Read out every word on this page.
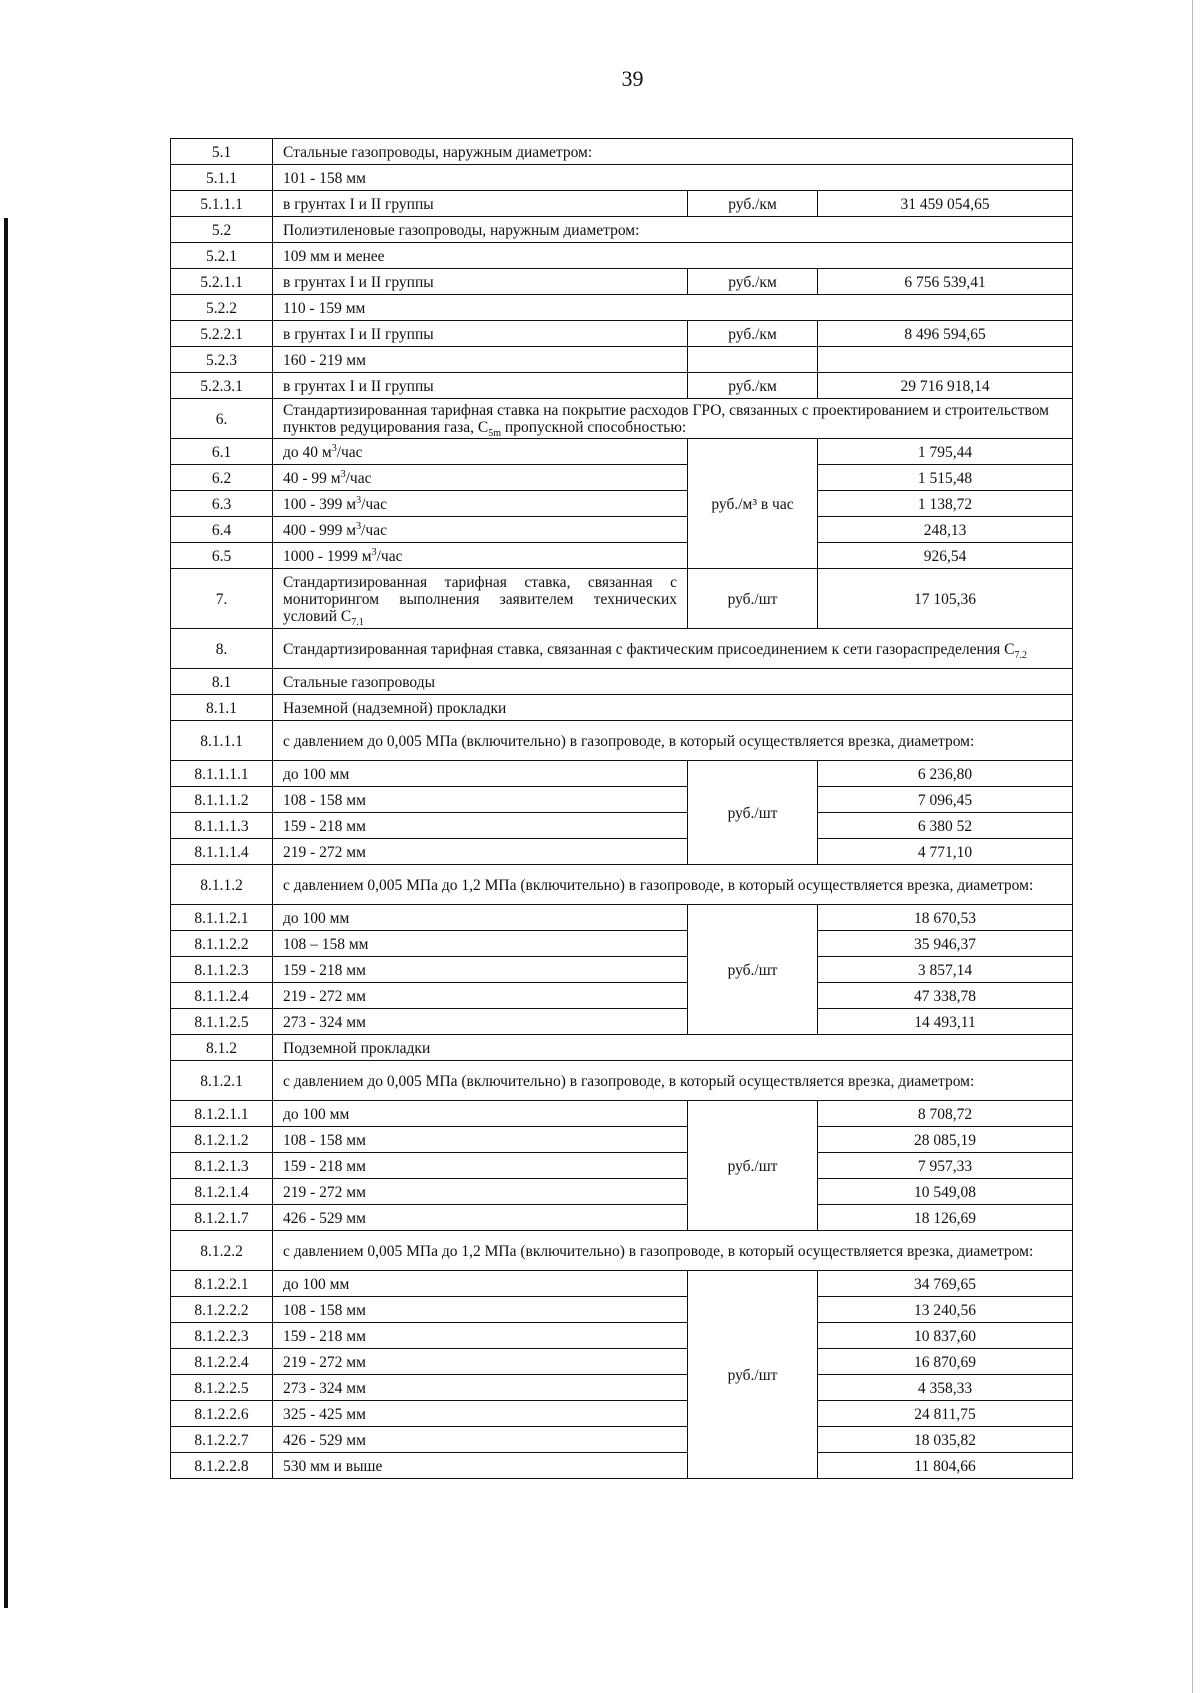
39
5.1	Стальные газопроводы, наружным диаметром:		
5.1.1	101 - 158 мм		
5.1.1.1	в грунтах I и II группы	руб./км	31 459 054,65
5.2	Полиэтиленовые газопроводы, наружным диаметром:		
5.2.1	109 мм и менее		
5.2.1.1	в грунтах I и II группы	руб./км	6 756 539,41
5.2.2	110 - 159 мм		
5.2.2.1	в грунтах I и II группы	руб./км	8 496 594,65
5.2.3	160 - 219 мм		
5.2.3.1	в грунтах I и II группы	руб./км	29 716 918,14
6.	Стандартизированная тарифная ставка на покрытие расходов ГРО, связанных с проектированием и строительством пунктов редуцирования газа, $С_{5m}$ пропускной способностью:		
6.1	до 40 $м^3$/час	руб./м³ в час	1 795,44
6.2	40 - 99 $м^3$/час		1 515,48
6.3	100 - 399 $м^3$/час		1 138,72
6.4	400 - 999 $м^3$/час		248,13
6.5	1000 - 1999 $м^3$/час		926,54
7.	Стандартизированная тарифная ставка, связанная с мониторингом выполнения заявителем технических условий $С_{7.1}$	руб./шт	17 105,36
8.	Стандартизированная тарифная ставка, связанная с фактическим присоединением к сети газораспределения $С_{7.2}$
8.1	Стальные газопроводы		
8.1.1	Наземной (надземной) прокладки		
8.1.1.1	с давлением до 0,005 МПа (включительно) в газопроводе, в который осуществляется врезка, диаметром:		
8.1.1.1.1	до 100 мм	руб./шт	6 236,80
8.1.1.1.2	108 - 158 мм		7 096,45
8.1.1.1.3	159 - 218 мм		6 380 52
8.1.1.1.4	219 - 272 мм		4 771,10
8.1.1.2	с давлением 0,005 МПа до 1,2 МПа (включительно) в газопроводе, в который осуществляется врезка, диаметром:		
8.1.1.2.1	до 100 мм	руб./шт	18 670,53
8.1.1.2.2	108 – 158 мм		35 946,37
8.1.1.2.3	159 - 218 мм		3 857,14
8.1.1.2.4	219 - 272 мм		47 338,78
8.1.1.2.5	273 - 324 мм		14 493,11
8.1.2	Подземной прокладки		
8.1.2.1	с давлением до 0,005 МПа (включительно) в газопроводе, в который осуществляется врезка, диаметром:		
8.1.2.1.1	до 100 мм	руб./шт	8 708,72
8.1.2.1.2	108 - 158 мм		28 085,19
8.1.2.1.3	159 - 218 мм		7 957,33
8.1.2.1.4	219 - 272 мм		10 549,08
8.1.2.1.7	426 - 529 мм		18 126,69
8.1.2.2	с давлением 0,005 МПа до 1,2 МПа (включительно) в газопроводе, в который осуществляется врезка, диаметром:		
8.1.2.2.1	до 100 мм	руб./шт	34 769,65
8.1.2.2.2	108 - 158 мм		13 240,56
8.1.2.2.3	159 - 218 мм		10 837,60
8.1.2.2.4	219 - 272 мм		16 870,69
8.1.2.2.5	273 - 324 мм		4 358,33
8.1.2.2.6	325 - 425 мм		24 811,75
8.1.2.2.7	426 - 529 мм		18 035,82
8.1.2.2.8	530 мм и выше		11 804,66
